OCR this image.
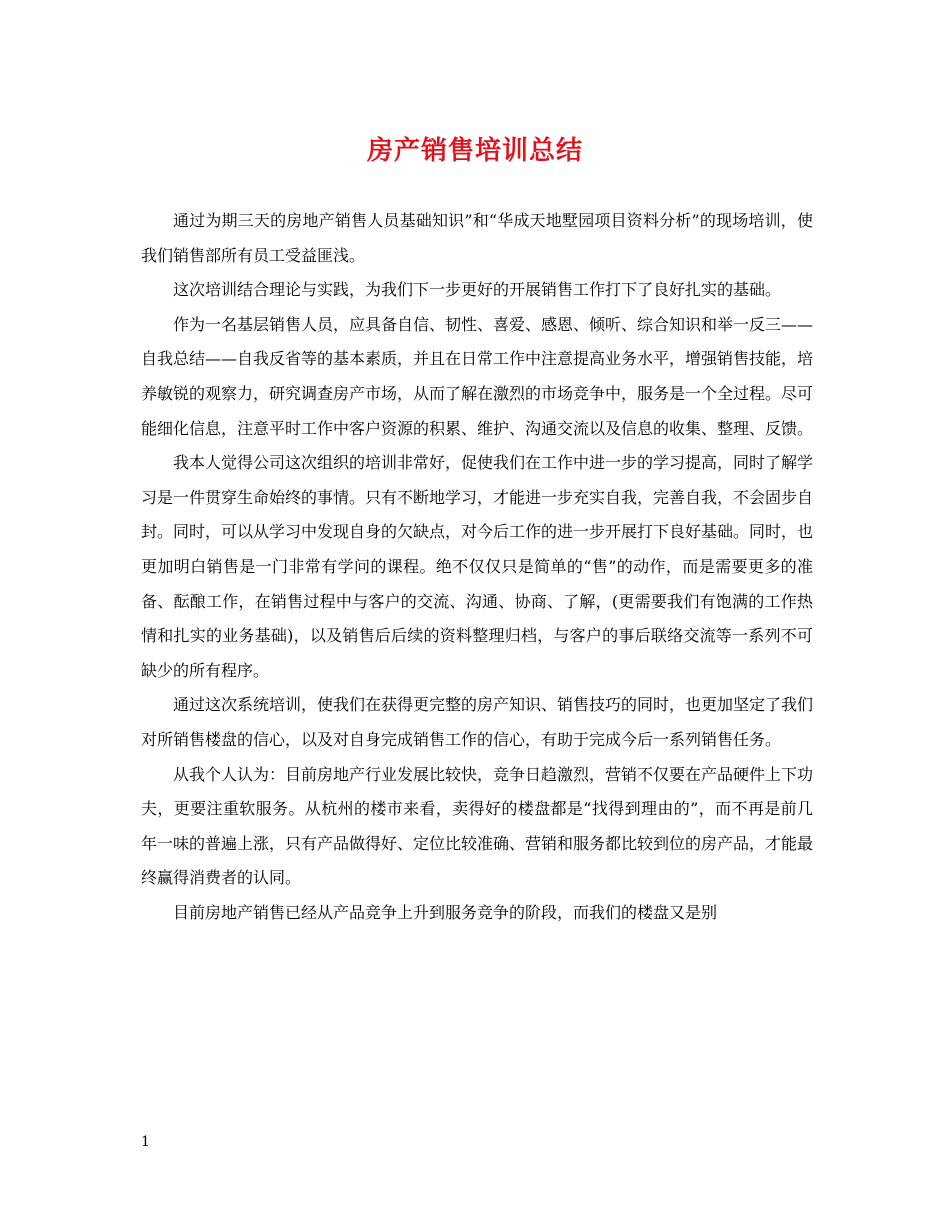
房产销售培训总结

通过为期三天的房地产销售人员基础知识”和“华成天地墅园项目资料分析”的现场培训，使我们销售部所有员工受益匪浅。

这次培训结合理论与实践，为我们下一步更好的开展销售工作打下了良好扎实的基础。

作为一名基层销售人员，应具备自信、韧性、喜爱、感恩、倾听、综合知识和举一反三——自我总结——自我反省等的基本素质，并且在日常工作中注意提高业务水平，增强销售技能，培养敏锐的观察力，研究调查房产市场，从而了解在激烈的市场竞争中，服务是一个全过程。尽可能细化信息，注意平时工作中客户资源的积累、维护、沟通交流以及信息的收集、整理、反馈。

我本人觉得公司这次组织的培训非常好，促使我们在工作中进一步的学习提高，同时了解学习是一件贯穿生命始终的事情。只有不断地学习，才能进一步充实自我，完善自我，不会固步自封。同时，可以从学习中发现自身的欠缺点，对今后工作的进一步开展打下良好基础。同时，也更加明白销售是一门非常有学问的课程。绝不仅仅只是简单的“售”的动作，而是需要更多的准备、酝酿工作，在销售过程中与客户的交流、沟通、协商、了解，(更需要我们有饱满的工作热情和扎实的业务基础)，以及销售后后续的资料整理归档，与客户的事后联络交流等一系列不可缺少的所有程序。

通过这次系统培训，使我们在获得更完整的房产知识、销售技巧的同时，也更加坚定了我们对所销售楼盘的信心，以及对自身完成销售工作的信心，有助于完成今后一系列销售任务。

从我个人认为：目前房地产行业发展比较快，竞争日趋激烈，营销不仅要在产品硬件上下功夫，更要注重软服务。从杭州的楼市来看，卖得好的楼盘都是“找得到理由的”，而不再是前几年一味的普遍上涨，只有产品做得好、定位比较准确、营销和服务都比较到位的房产品，才能最终赢得消费者的认同。

目前房地产销售已经从产品竞争上升到服务竞争的阶段，而我们的楼盘又是别

1
